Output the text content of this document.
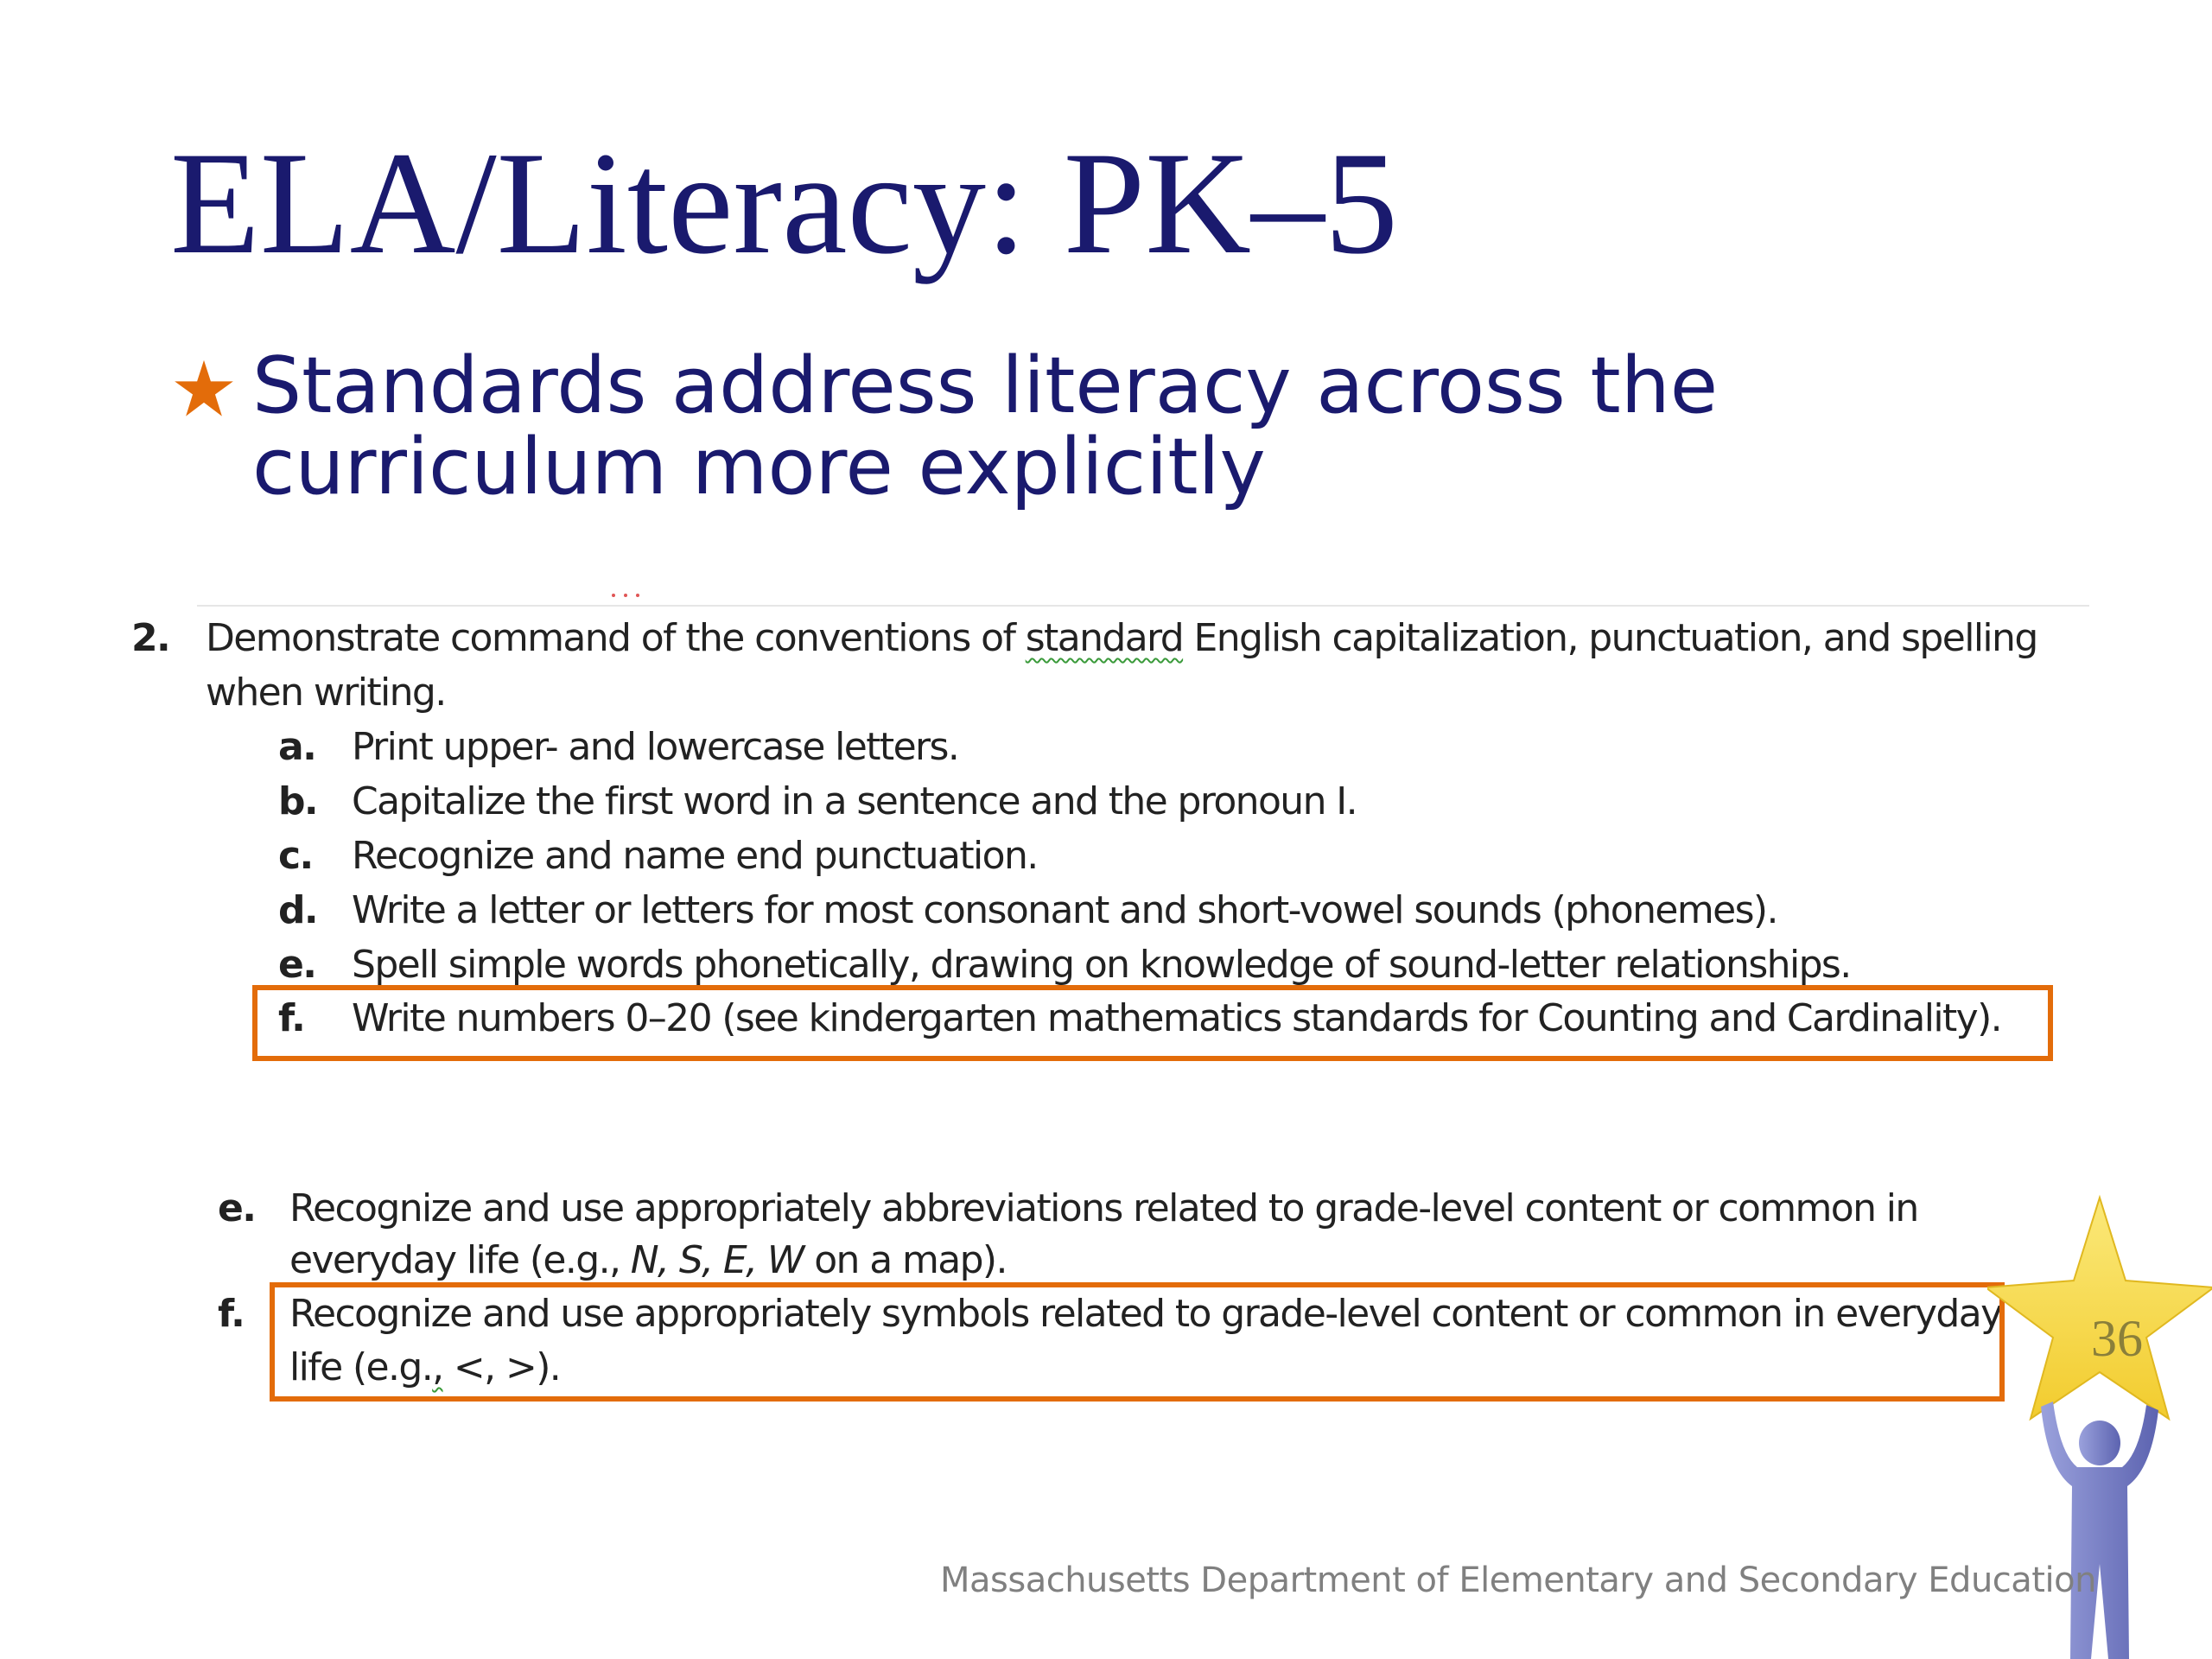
ELA/Literacy: PK–5
Standards address literacy across the
curriculum more explicitly
2. Demonstrate command of the conventions of standard English capitalization, punctuation, and spelling
when writing.
a. Print upper- and lowercase letters.
b. Capitalize the first word in a sentence and the pronoun I.
c. Recognize and name end punctuation.
d. Write a letter or letters for most consonant and short-vowel sounds (phonemes).
e. Spell simple words phonetically, drawing on knowledge of sound-letter relationships.
f. Write numbers 0–20 (see kindergarten mathematics standards for Counting and Cardinality).
e. Recognize and use appropriately abbreviations related to grade-level content or common in
everyday life (e.g., N, S, E, W on a map).
f. Recognize and use appropriately symbols related to grade-level content or common in everyday
life (e.g., <, >).
36
Massachusetts Department of Elementary and Secondary Education
